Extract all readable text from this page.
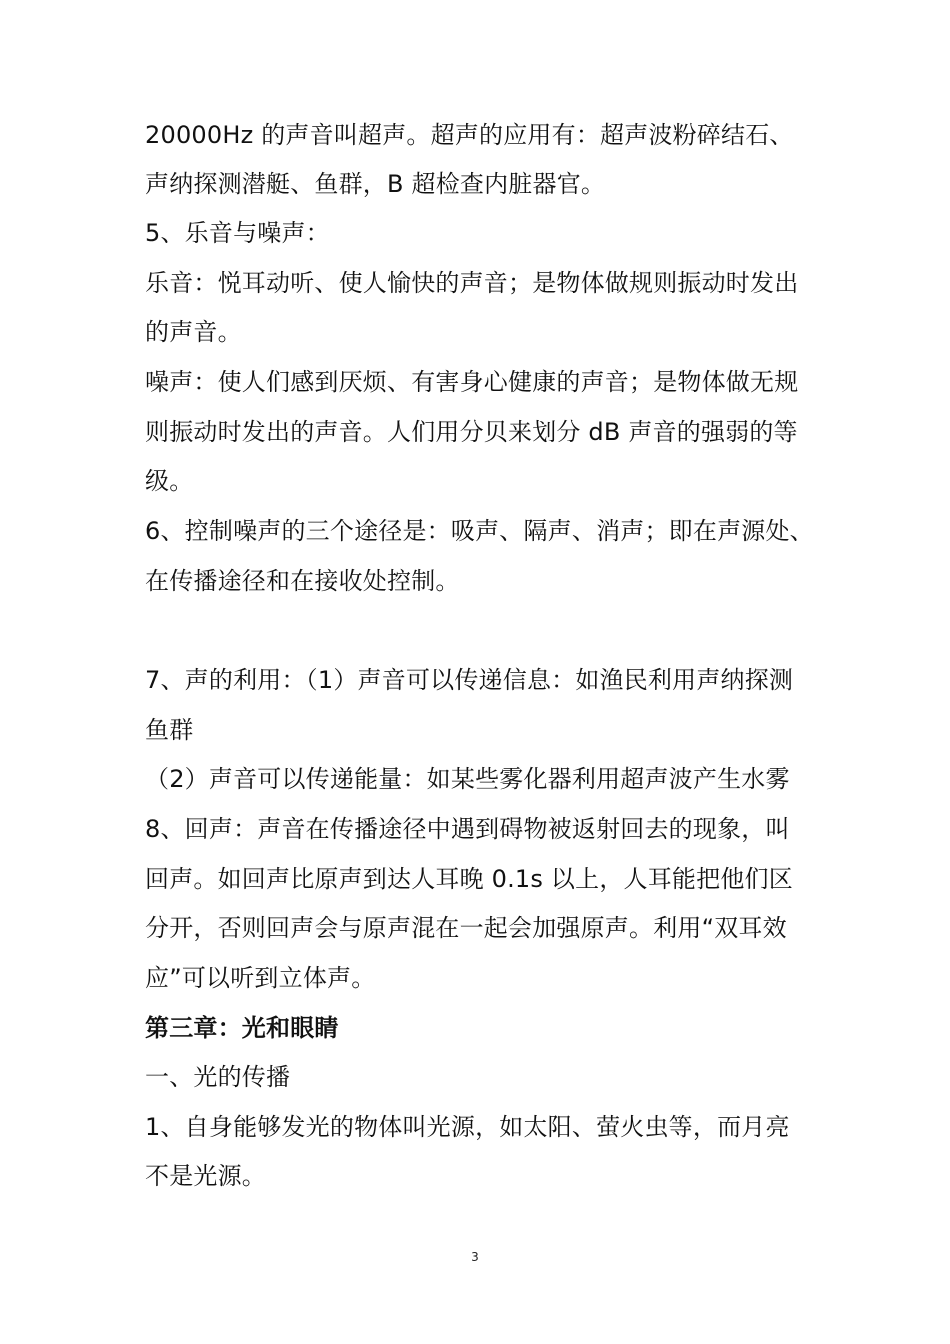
20000Hz 的声音叫超声。超声的应用有：超声波粉碎结石、
声纳探测潜艇、鱼群，B 超检查内脏器官。
5、乐音与噪声：
乐音：悦耳动听、使人愉快的声音；是物体做规则振动时发出
的声音。
噪声：使人们感到厌烦、有害身心健康的声音；是物体做无规
则振动时发出的声音。人们用分贝来划分 dB 声音的强弱的等
级。
6、控制噪声的三个途径是：吸声、隔声、消声；即在声源处、
在传播途径和在接收处控制。
7、声的利用：（1）声音可以传递信息：如渔民利用声纳探测
鱼群
（2）声音可以传递能量：如某些雾化器利用超声波产生水雾
8、回声：声音在传播途径中遇到碍物被返射回去的现象，叫
回声。如回声比原声到达人耳晚 0.1s 以上，人耳能把他们区
分开，否则回声会与原声混在一起会加强原声。利用“双耳效
应”可以听到立体声。
第三章：光和眼睛
一、光的传播
1、自身能够发光的物体叫光源，如太阳、萤火虫等，而月亮
不是光源。
3
